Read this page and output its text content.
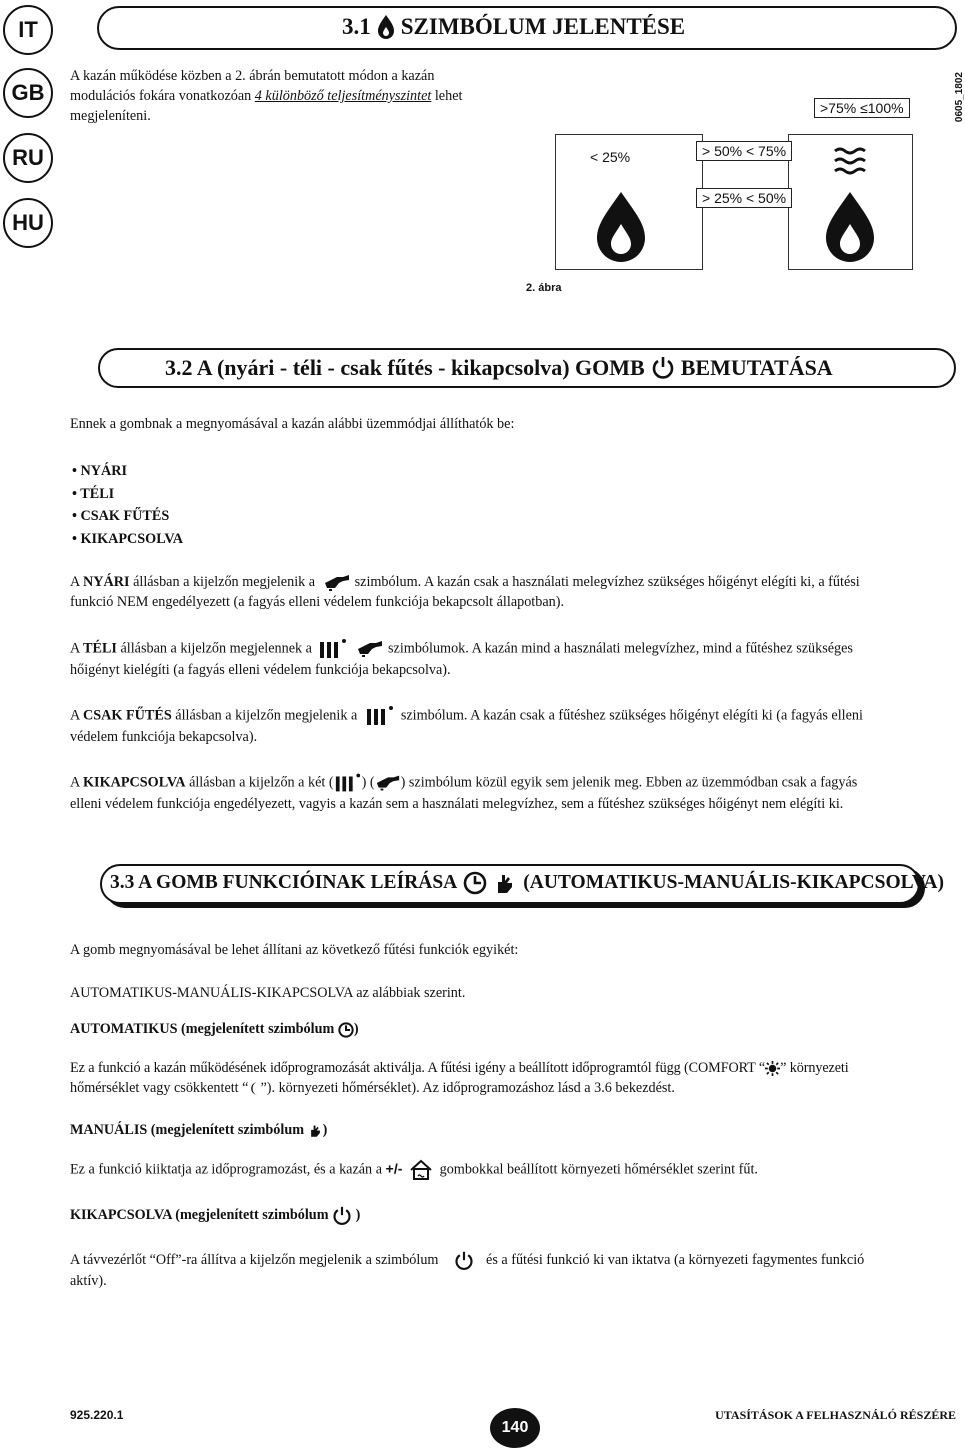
IT
GB
RU
HU
3.1 SZIMBÓLUM JELENTÉSE
A kazán működése közben a 2. ábrán bemutatott módon a kazán modulációs fokára vonatkozóan 4 különböző teljesítményszintet lehet megjeleníteni.
< 25%
>75% ≤100%
> 50% < 75%
> 25% < 50%
0605_1802
2. ábra
3.2 A (nyári - téli - csak fűtés - kikapcsolva) GOMB BEMUTATÁSA
Ennek a gombnak a megnyomásával a kazán alábbi üzemmódjai állíthatók be:
• NYÁRI
• TÉLI
• CSAK FŰTÉS
• KIKAPCSOLVA
A NYÁRI állásban a kijelzőn megjelenik a	szimbólum. A kazán csak a használati melegvízhez szükséges hőigényt elégíti ki, a fűtési
funkció NEM engedélyezett (a fagyás elleni védelem funkciója bekapcsolt állapotban).
A TÉLI állásban a kijelzőn megjelennek a	szimbólumok. A kazán mind a használati melegvízhez, mind a fűtéshez szükséges
hőigényt kielégíti (a fagyás elleni védelem funkciója bekapcsolva).
A CSAK FŰTÉS állásban a kijelzőn megjelenik a	szimbólum. A kazán csak a fűtéshez szükséges hőigényt elégíti ki (a fagyás elleni
védelem funkciója bekapcsolva).
A KIKAPCSOLVA állásban a kijelzőn a két ( ) ( ) szimbólum közül egyik sem jelenik meg. Ebben az üzemmódban csak a fagyás
elleni védelem funkciója engedélyezett, vagyis a kazán sem a használati melegvízhez, sem a fűtéshez szükséges hőigényt nem elégíti ki.
3.3 A GOMB FUNKCIÓINAK LEÍRÁSA	(AUTOMATIKUS-MANUÁLIS-KIKAPCSOLVA)
A gomb megnyomásával be lehet állítani az következő fűtési funkciók egyikét:
AUTOMATIKUS-MANUÁLIS-KIKAPCSOLVA az alábbiak szerint.
AUTOMATIKUS (megjelenített szimbólum )
Ez a funkció a kazán működésének időprogramozását aktiválja. A fűtési igény a beállított időprogramtól függ (COMFORT “ ” környezeti
hőmérséklet vagy csökkentett “ ”). környezeti hőmérséklet). Az időprogramozáshoz lásd a 3.6 bekezdést.
MANUÁLIS (megjelenített szimbólum )
Ez a funkció kiiktatja az időprogramozást, és a kazán a +/-	gombokkal beállított környezeti hőmérséklet szerint fűt.
KIKAPCSOLVA (megjelenített szimbólum )
A távvezérlőt “Off”-ra állítva a kijelzőn megjelenik a szimbólum	és a fűtési funkció ki van iktatva (a környezeti fagymentes funkció
aktív).
925.220.1
140
UTASÍTÁSOK A FELHASZNÁLÓ RÉSZÉRE
